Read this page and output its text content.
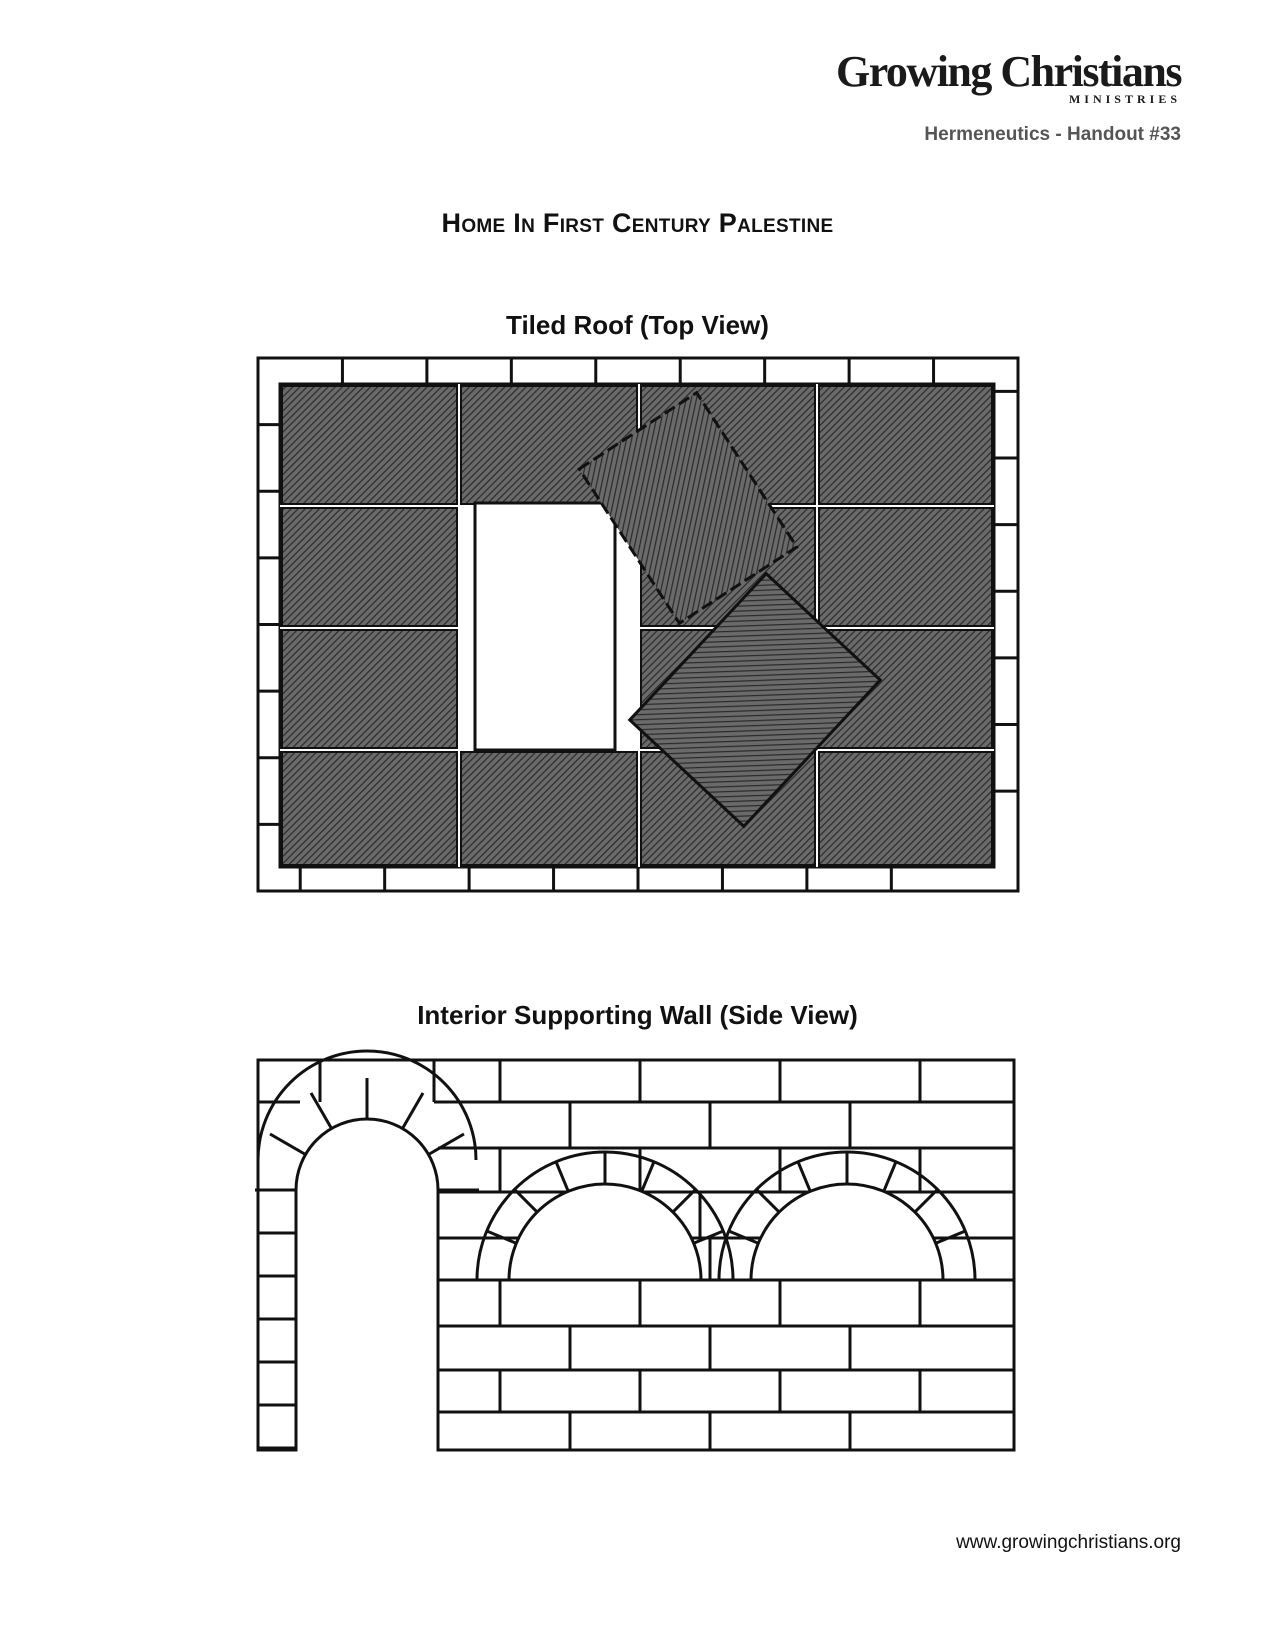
Growing Christians
MINISTRIES
Hermeneutics - Handout #33
Home In First Century Palestine
Tiled Roof (Top View)
Interior Supporting Wall (Side View)
www.growingchristians.org
